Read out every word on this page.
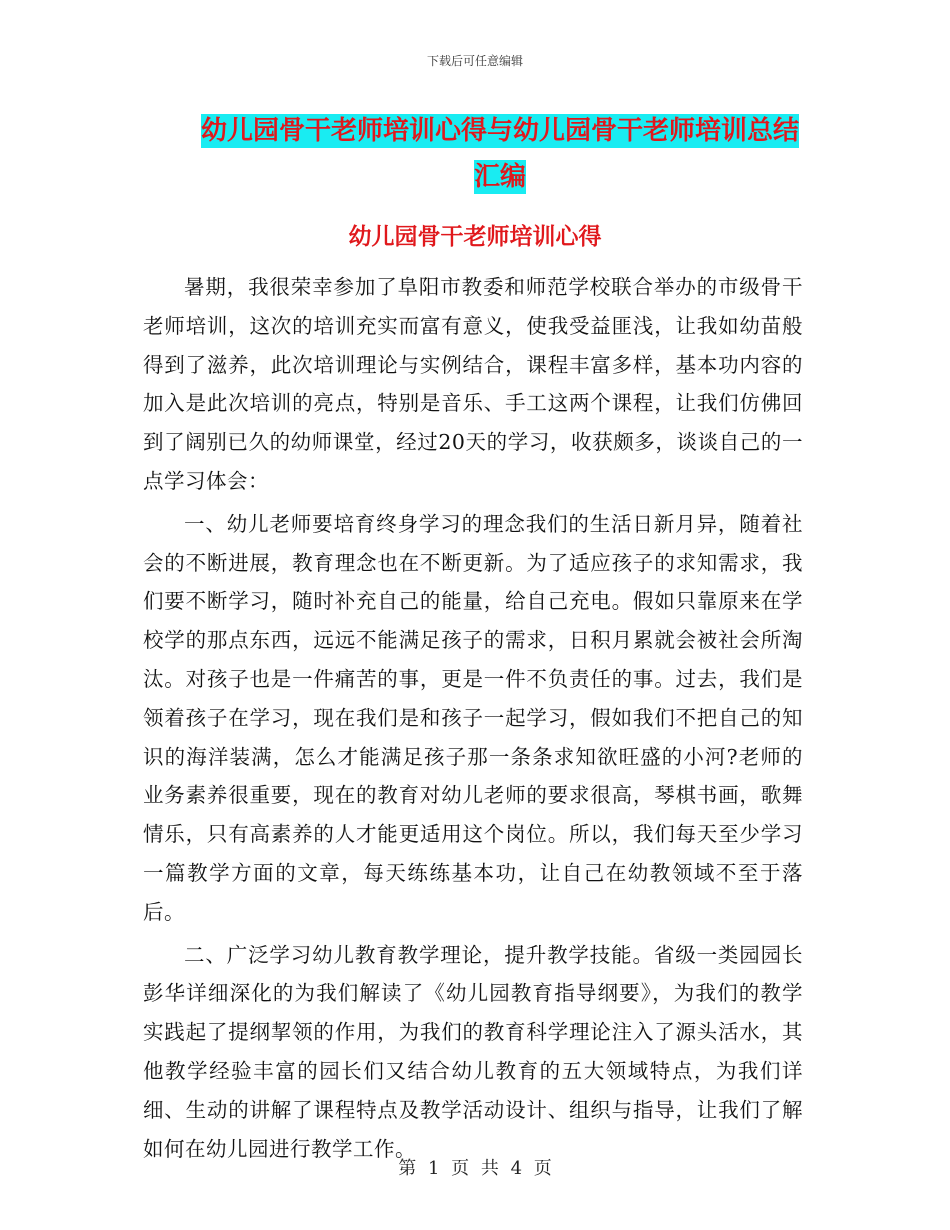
下载后可任意编辑
幼儿园骨干老师培训心得与幼儿园骨干老师培训总结
汇编
幼儿园骨干老师培训心得

暑期，我很荣幸参加了阜阳市教委和师范学校联合举办的市级骨干老师培训，这次的培训充实而富有意义，使我受益匪浅，让我如幼苗般得到了滋养，此次培训理论与实例结合，课程丰富多样，基本功内容的加入是此次培训的亮点，特别是音乐、手工这两个课程，让我们仿佛回到了阔别已久的幼师课堂，经过20天的学习，收获颇多，谈谈自己的一点学习体会：

一、幼儿老师要培育终身学习的理念我们的生活日新月异，随着社会的不断进展，教育理念也在不断更新。为了适应孩子的求知需求，我们要不断学习，随时补充自己的能量，给自己充电。假如只靠原来在学校学的那点东西，远远不能满足孩子的需求，日积月累就会被社会所淘汰。对孩子也是一件痛苦的事，更是一件不负责任的事。过去，我们是领着孩子在学习，现在我们是和孩子一起学习，假如我们不把自己的知识的海洋装满，怎么才能满足孩子那一条条求知欲旺盛的小河?老师的业务素养很重要，现在的教育对幼儿老师的要求很高，琴棋书画，歌舞情乐，只有高素养的人才能更适用这个岗位。所以，我们每天至少学习一篇教学方面的文章，每天练练基本功，让自己在幼教领域不至于落后。

二、广泛学习幼儿教育教学理论，提升教学技能。省级一类园园长彭华详细深化的为我们解读了《幼儿园教育指导纲要》，为我们的教学实践起了提纲挈领的作用，为我们的教育科学理论注入了源头活水，其他教学经验丰富的园长们又结合幼儿教育的五大领域特点，为我们详细、生动的讲解了课程特点及教学活动设计、组织与指导，让我们了解如何在幼儿园进行教学工作。

第 1 页 共 4 页
